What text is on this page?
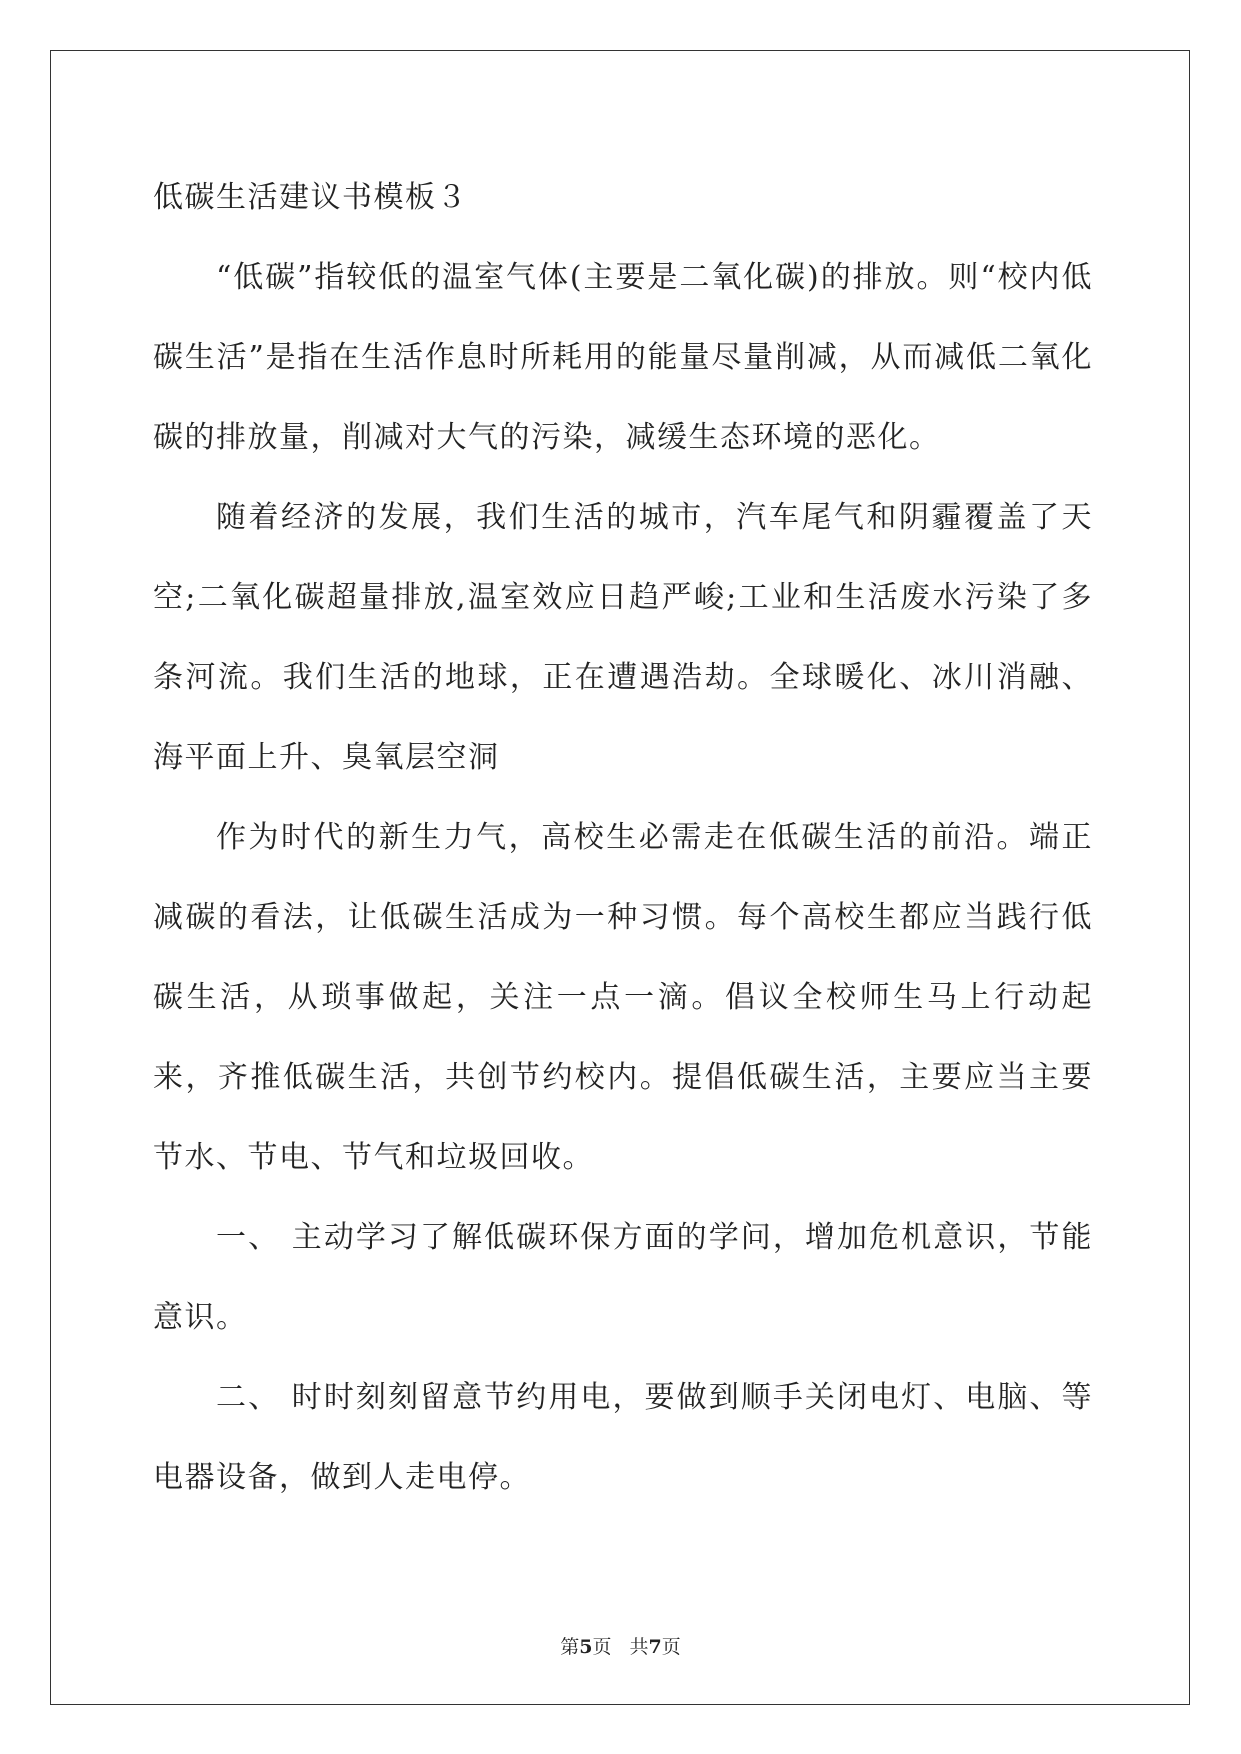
低碳生活建议书模板３

“低碳”指较低的温室气体(主要是二氧化碳)的排放。则“校内低碳生活”是指在生活作息时所耗用的能量尽量削减，从而减低二氧化碳的排放量，削减对大气的污染，减缓生态环境的恶化。

随着经济的发展，我们生活的城市，汽车尾气和阴霾覆盖了天空;二氧化碳超量排放,温室效应日趋严峻;工业和生活废水污染了多条河流。我们生活的地球，正在遭遇浩劫。全球暖化、冰川消融、海平面上升、臭氧层空洞

作为时代的新生力气，高校生必需走在低碳生活的前沿。端正减碳的看法，让低碳生活成为一种习惯。每个高校生都应当践行低碳生活，从琐事做起，关注一点一滴。倡议全校师生马上行动起来，齐推低碳生活，共创节约校内。提倡低碳生活，主要应当主要节水、节电、节气和垃圾回收。

一、 主动学习了解低碳环保方面的学问，增加危机意识，节能意识。

二、 时时刻刻留意节约用电，要做到顺手关闭电灯、电脑、等电器设备，做到人走电停。

第5页 共7页
